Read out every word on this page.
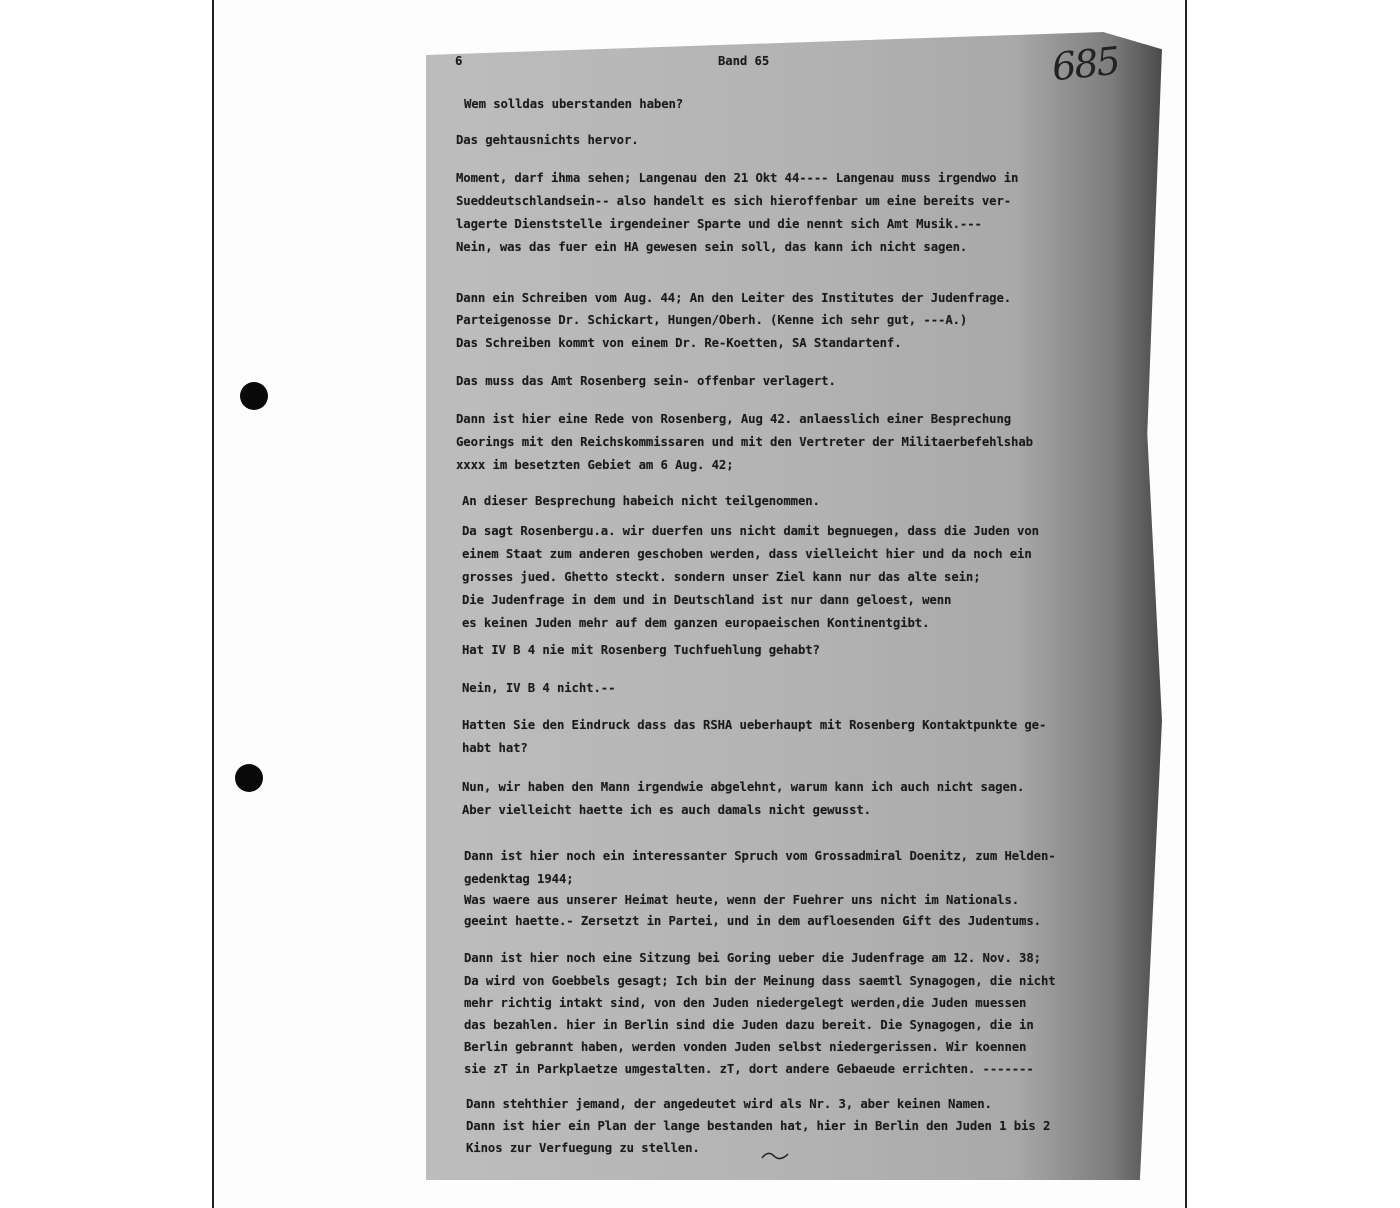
6	Band 65	685

Wem solldas uberstanden haben?

Das gehtausnichts hervor.

Moment, darf ihma sehen; Langenau den 21 Okt 44---- Langenau muss irgendwo in

Sueddeutschlandsein-- also handelt es sich hieroffenbar um eine bereits ver-

lagerte Dienststelle irgendeiner Sparte und die nennt sich Amt Musik.---

Nein, was das fuer ein HA gewesen sein soll, das kann ich nicht sagen.

Dann ein Schreiben vom Aug. 44; An den Leiter des Institutes der Judenfrage.

Parteigenosse Dr. Schickart, Hungen/Oberh. (Kenne ich sehr gut, ---A.)

Das Schreiben kommt von einem Dr. Re-Koetten, SA Standartenf.

Das muss das Amt Rosenberg sein- offenbar verlagert.

Dann ist hier eine Rede von Rosenberg, Aug 42. anlaesslich einer Besprechung

Georings mit den Reichskommissaren und mit den Vertreter der Militaerbefehlshab

xxxx im besetzten Gebiet am 6 Aug. 42;

An dieser Besprechung habeich nicht teilgenommen.

Da sagt Rosenbergu.a. wir duerfen uns nicht damit begnuegen, dass die Juden von

einem Staat zum anderen geschoben werden, dass vielleicht hier und da noch ein

grosses jued. Ghetto steckt. sondern unser Ziel kann nur das alte sein;

Die Judenfrage in dem und in Deutschland ist nur dann geloest, wenn

es keinen Juden mehr auf dem ganzen europaeischen Kontinentgibt.

Hat IV B 4 nie mit Rosenberg Tuchfuehlung gehabt?

Nein, IV B 4 nicht.--

Hatten Sie den Eindruck dass das RSHA ueberhaupt mit Rosenberg Kontaktpunkte ge-

habt hat?

Nun, wir haben den Mann irgendwie abgelehnt, warum kann ich auch nicht sagen.

Aber vielleicht haette ich es auch damals nicht gewusst.

Dann ist hier noch ein interessanter Spruch vom Grossadmiral Doenitz, zum Helden-

gedenktag 1944;

Was waere aus unserer Heimat heute, wenn der Fuehrer uns nicht im Nationals.

geeint haette.- Zersetzt in Partei, und in dem aufloesenden Gift des Judentums.

Dann ist hier noch eine Sitzung bei Goring ueber die Judenfrage am 12. Nov. 38;

Da wird von Goebbels gesagt; Ich bin der Meinung dass saemtl Synagogen, die nicht

mehr richtig intakt sind, von den Juden niedergelegt werden,die Juden muessen

das bezahlen. hier in Berlin sind die Juden dazu bereit. Die Synagogen, die in

Berlin gebrannt haben, werden vonden Juden selbst niedergerissen. Wir koennen

sie zT in Parkplaetze umgestalten. zT, dort andere Gebaeude errichten. -------

Dann stehthier jemand, der angedeutet wird als Nr. 3, aber keinen Namen.

Dann ist hier ein Plan der lange bestanden hat, hier in Berlin den Juden 1 bis 2

Kinos zur Verfuegung zu stellen.
